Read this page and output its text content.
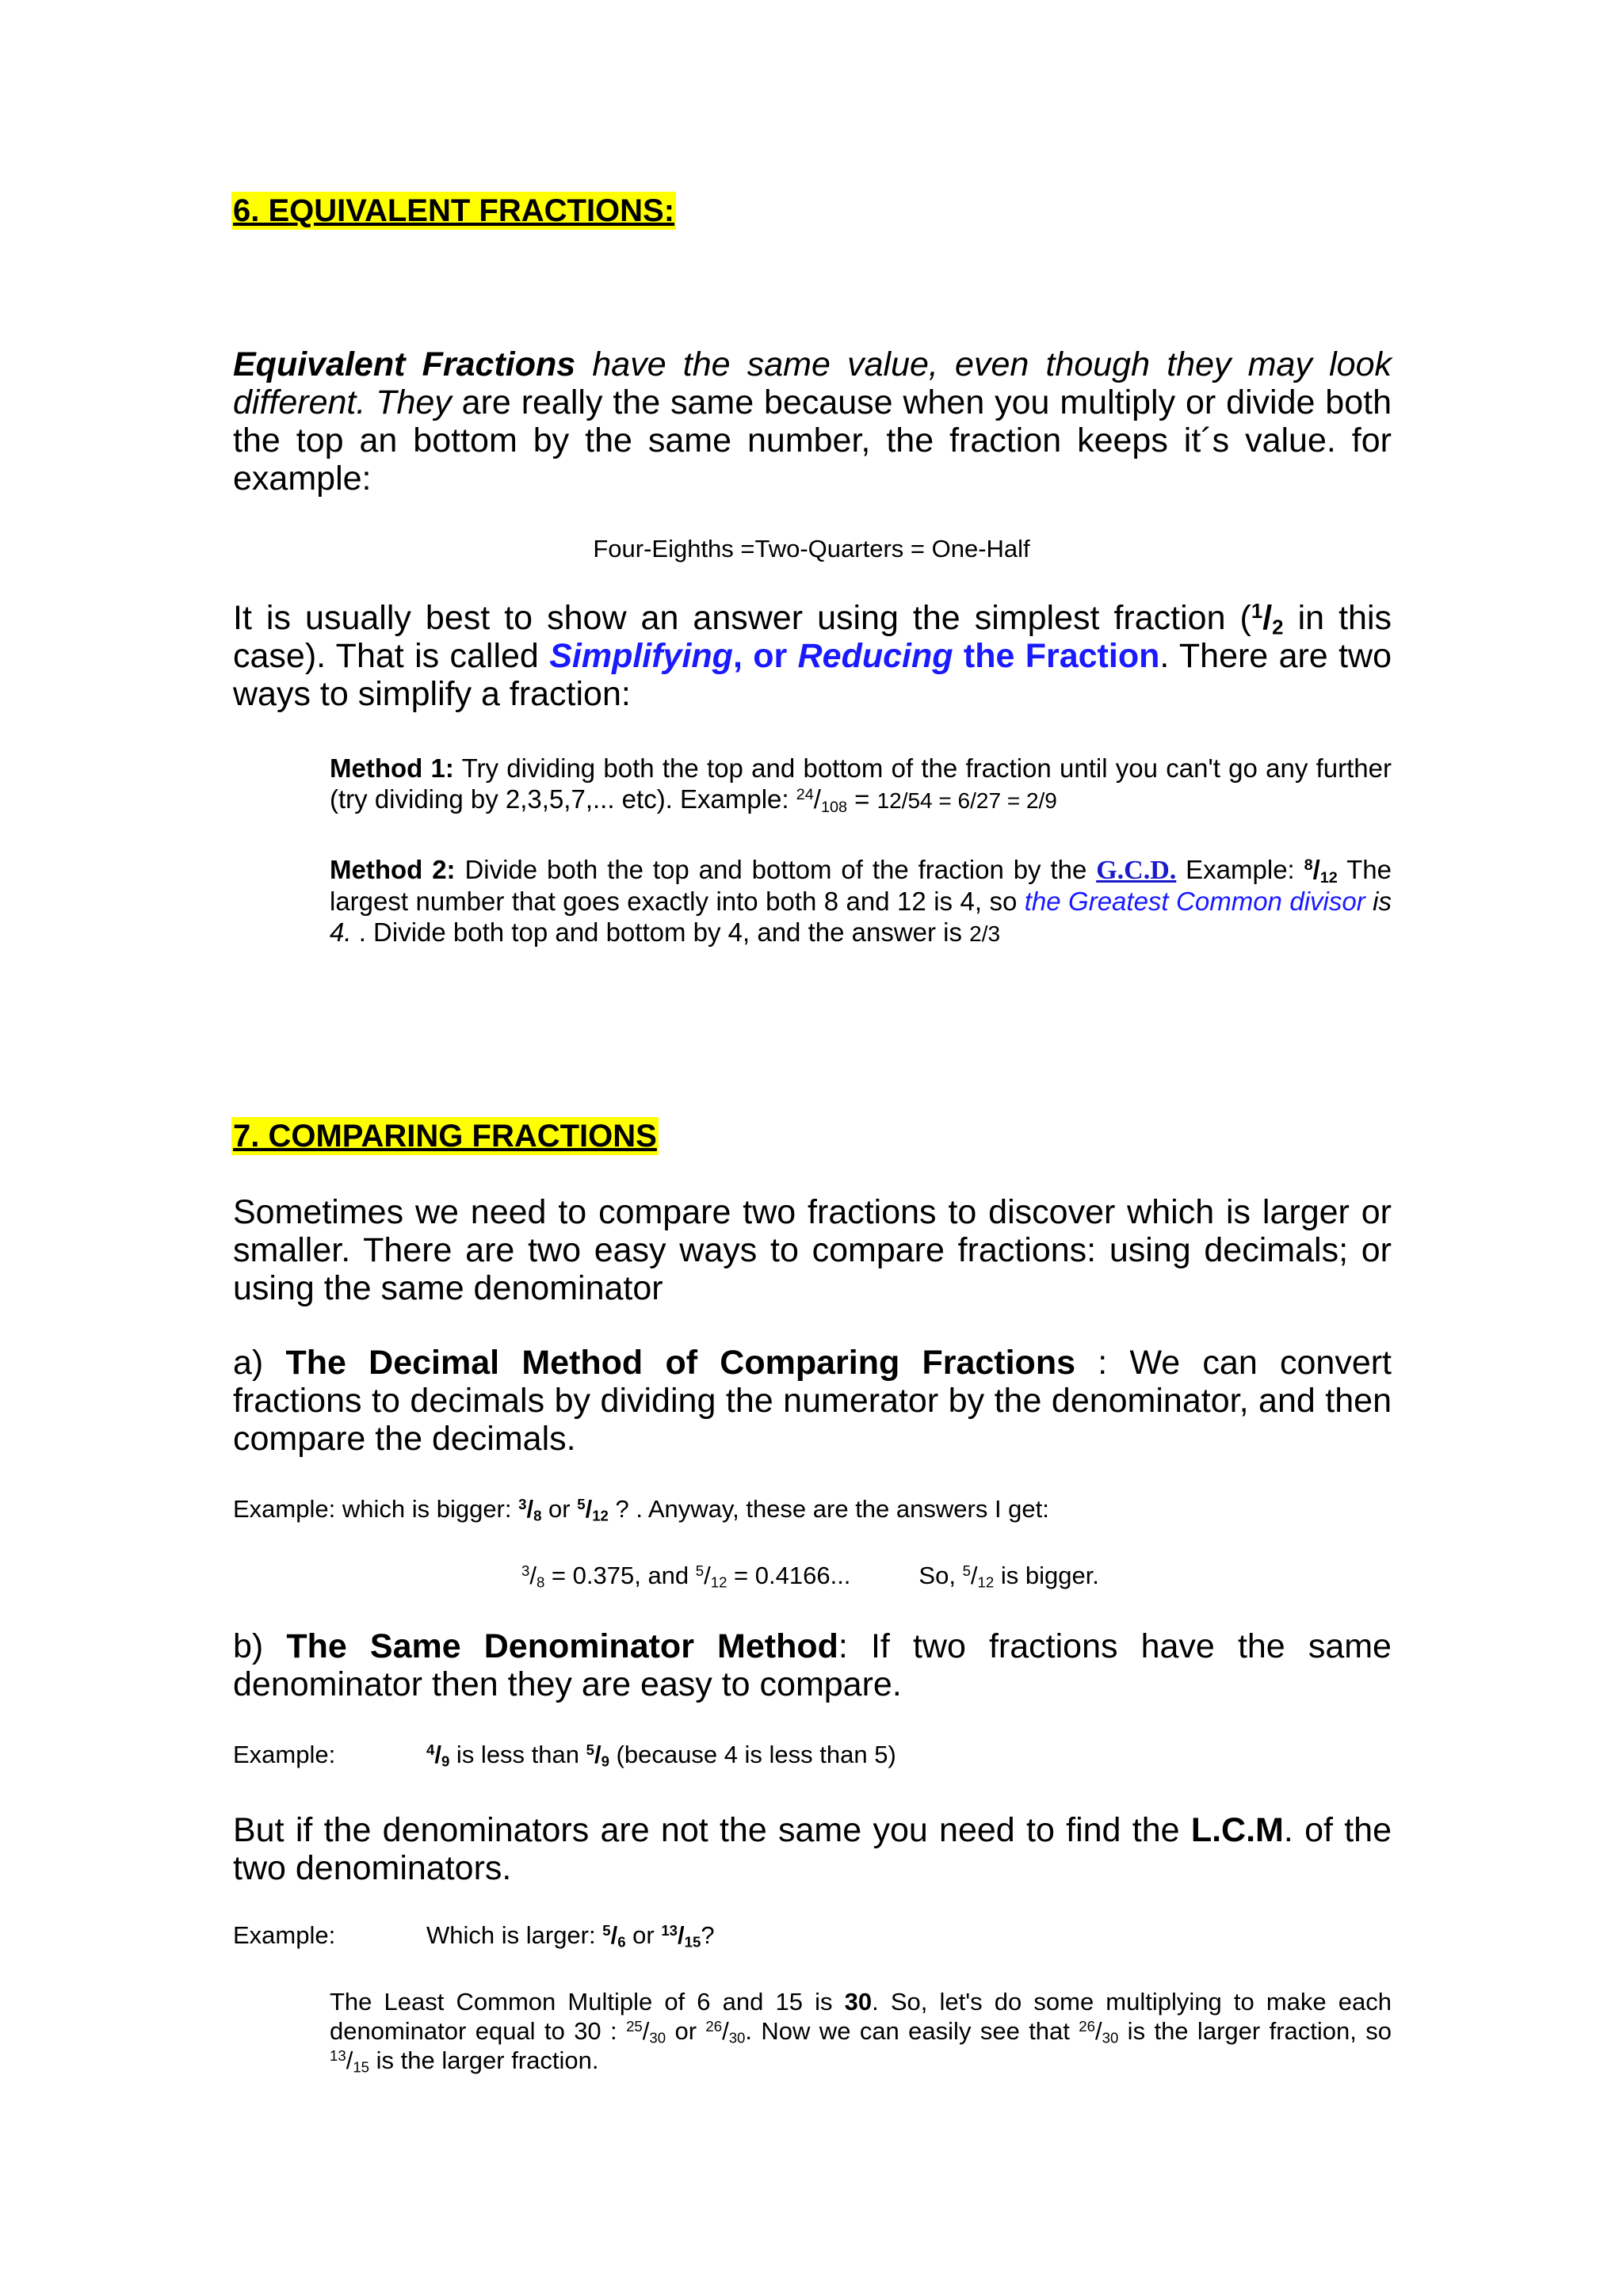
6. EQUIVALENT FRACTIONS:

Equivalent Fractions have the same value, even though they may look different. They are really the same because when you multiply or divide both the top an bottom by the same number, the fraction keeps it´s value. for example:

Four-Eighths =Two-Quarters = One-Half

It is usually best to show an answer using the simplest fraction ($^1/_2$ in this case). That is called Simplifying, or Reducing the Fraction. There are two ways to simplify a fraction:

Method 1: Try dividing both the top and bottom of the fraction until you can't go any further (try dividing by 2,3,5,7,... etc). Example: $^{24}/_{108} = 12/54 = 6/27 = 2/9$

Method 2: Divide both the top and bottom of the fraction by the G.C.D. Example: $^8/_{12}$ The largest number that goes exactly into both 8 and 12 is 4, so the Greatest Common divisor is 4. . Divide both top and bottom by 4, and the answer is 2/3

7. COMPARING FRACTIONS

Sometimes we need to compare two fractions to discover which is larger or smaller. There are two easy ways to compare fractions: using decimals; or using the same denominator

a) The Decimal Method of Comparing Fractions : We can convert fractions to decimals by dividing the numerator by the denominator, and then compare the decimals.

Example: which is bigger: $^3/_8$ or $^5/_{12}$ ? . Anyway, these are the answers I get:

$^3/_8 = 0.375$, and $^5/_{12} = 0.4166$...	So, $^5/_{12}$ is bigger.

b) The Same Denominator Method: If two fractions have the same denominator then they are easy to compare.

Example:	$^4/_9$ is less than $^5/_9$ (because 4 is less than 5)

But if the denominators are not the same you need to find the L.C.M. of the two denominators.

Example:	Which is larger: $^5/_6$ or $^{13}/_{15}$?

The Least Common Multiple of 6 and 15 is 30. So, let's do some multiplying to make each denominator equal to 30 : $^{25}/_{30}$ or $^{26}/_{30}$. Now we can easily see that $^{26}/_{30}$ is the larger fraction, so $^{13}/_{15}$ is the larger fraction.
